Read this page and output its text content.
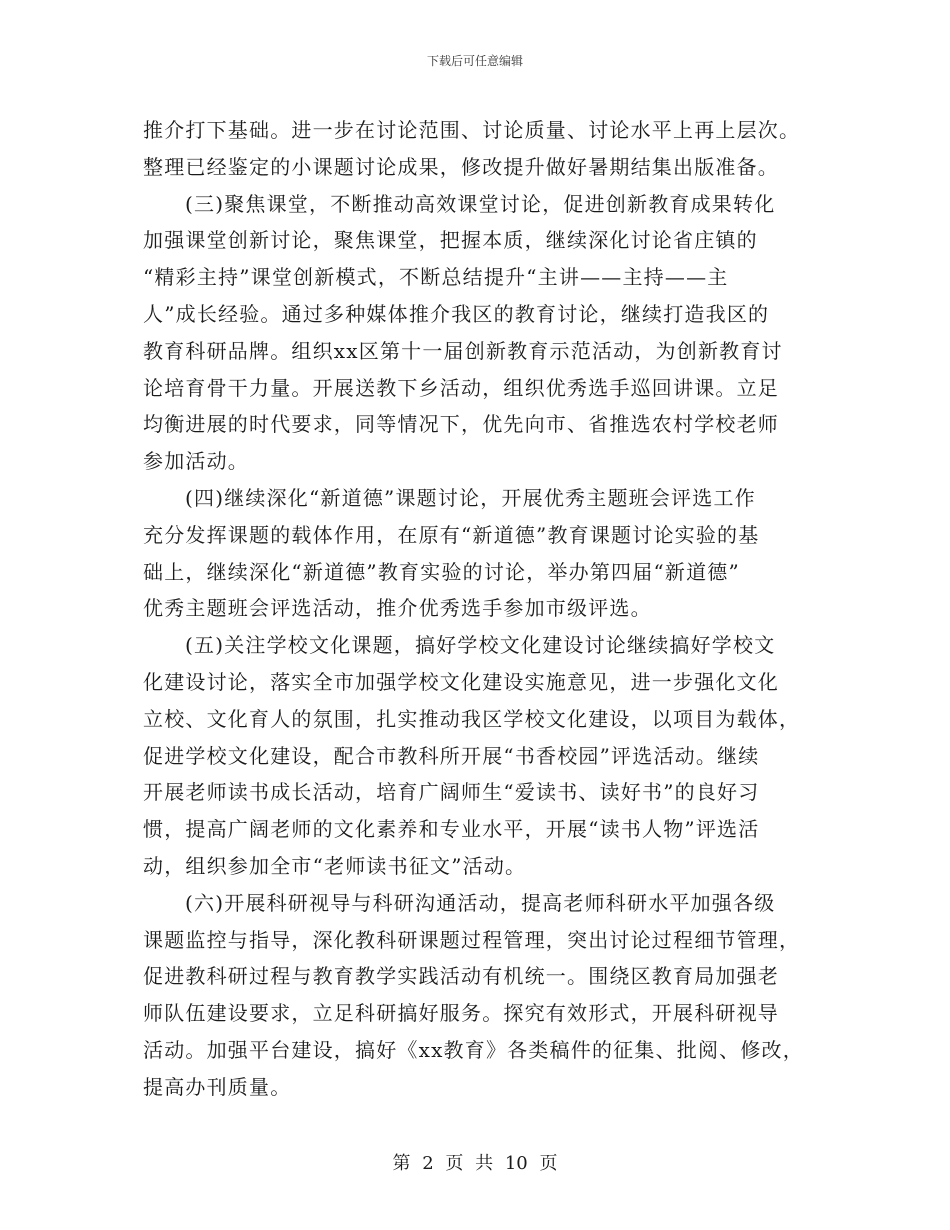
下载后可任意编辑
推介打下基础。进一步在讨论范围、讨论质量、讨论水平上再上层次。
整理已经鉴定的小课题讨论成果，修改提升做好暑期结集出版准备。
(三)聚焦课堂，不断推动高效课堂讨论，促进创新教育成果转化
加强课堂创新讨论，聚焦课堂，把握本质，继续深化讨论省庄镇的
“精彩主持”课堂创新模式，不断总结提升“主讲——主持——主
人”成长经验。通过多种媒体推介我区的教育讨论，继续打造我区的
教育科研品牌。组织xx区第十一届创新教育示范活动，为创新教育讨
论培育骨干力量。开展送教下乡活动，组织优秀选手巡回讲课。立足
均衡进展的时代要求，同等情况下，优先向市、省推选农村学校老师
参加活动。
(四)继续深化“新道德”课题讨论，开展优秀主题班会评选工作
充分发挥课题的载体作用，在原有“新道德”教育课题讨论实验的基
础上，继续深化“新道德”教育实验的讨论，举办第四届“新道德”
优秀主题班会评选活动，推介优秀选手参加市级评选。
(五)关注学校文化课题，搞好学校文化建设讨论继续搞好学校文
化建设讨论，落实全市加强学校文化建设实施意见，进一步强化文化
立校、文化育人的氛围，扎实推动我区学校文化建设，以项目为载体，
促进学校文化建设，配合市教科所开展“书香校园”评选活动。继续
开展老师读书成长活动，培育广阔师生“爱读书、读好书”的良好习
惯，提高广阔老师的文化素养和专业水平，开展“读书人物”评选活
动，组织参加全市“老师读书征文”活动。
(六)开展科研视导与科研沟通活动，提高老师科研水平加强各级
课题监控与指导，深化教科研课题过程管理，突出讨论过程细节管理，
促进教科研过程与教育教学实践活动有机统一。围绕区教育局加强老
师队伍建设要求，立足科研搞好服务。探究有效形式，开展科研视导
活动。加强平台建设，搞好《xx教育》各类稿件的征集、批阅、修改，
提高办刊质量。
第 2 页 共 10 页
